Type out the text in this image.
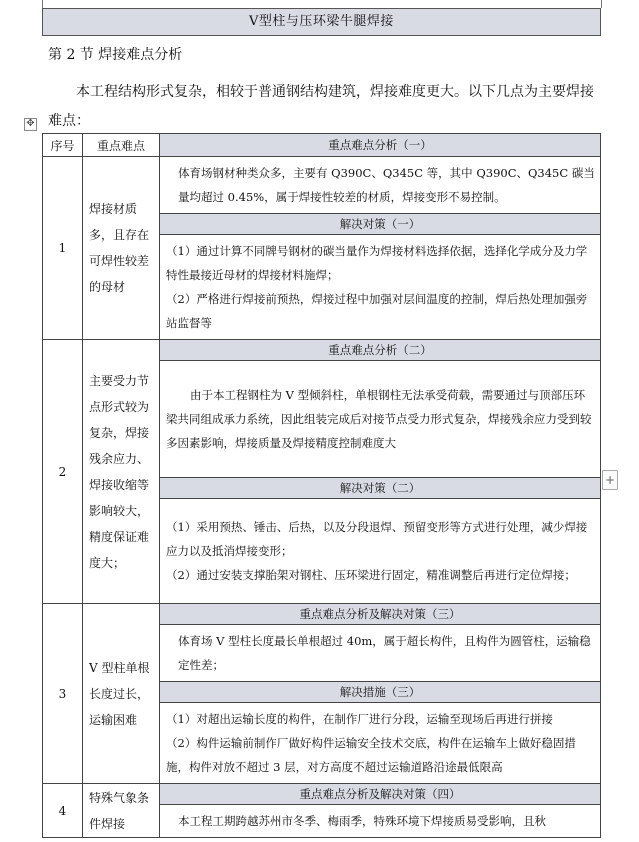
V型柱与压环梁牛腿焊接
第 2 节 焊接难点分析
本工程结构形式复杂，相较于普通钢结构建筑，焊接难度更大。以下几点为主要焊接难点：
✥
+
序号	重点难点	重点难点分析（一）
1	焊接材质多，且存在可焊性较差的母材	体育场钢材种类众多，主要有 Q390C、Q345C 等，其中 Q390C、Q345C 碳当量均超过 0.45%，属于焊接性较差的材质，焊接变形不易控制。
		解决对策（一）

		（1）通过计算不同牌号钢材的碳当量作为焊接材料选择依据，选择化学成分及力学特性最接近母材的焊接材料施焊；
（2）严格进行焊接前预热，焊接过程中加强对层间温度的控制，焊后热处理加强旁站监督等

2	主要受力节点形式较为复杂，焊接残余应力、焊接收缩等影响较大，精度保证难度大；	重点难点分析（二）
		由于本工程钢柱为 V 型倾斜柱，单根钢柱无法承受荷载，需要通过与顶部压环梁共同组成承力系统，因此组装完成后对接节点受力形式复杂，焊接残余应力受到较多因素影响，焊接质量及焊接精度控制难度大
		解决对策（二）

		（1）采用预热、锤击、后热，以及分段退焊、预留变形等方式进行处理，减少焊接应力以及抵消焊接变形；
（2）通过安装支撑胎架对钢柱、压环梁进行固定，精准调整后再进行定位焊接；

3	V 型柱单根长度过长，运输困难	重点难点分析及解决对策（三）
		体育场 V 型柱长度最长单根超过 40m，属于超长构件，且构件为圆管柱，运输稳定性差；
		解决措施（三）

		（1）对超出运输长度的构件，在制作厂进行分段，运输至现场后再进行拼接
（2）构件运输前制作厂做好构件运输安全技术交底，构件在运输车上做好稳固措施，构件对放不超过 3 层，对方高度不超过运输道路沿途最低限高

4	特殊气象条件焊接	重点难点分析及解决对策（四）
		本工程工期跨越苏州市冬季、梅雨季，特殊环境下焊接质易受影响，且秋
